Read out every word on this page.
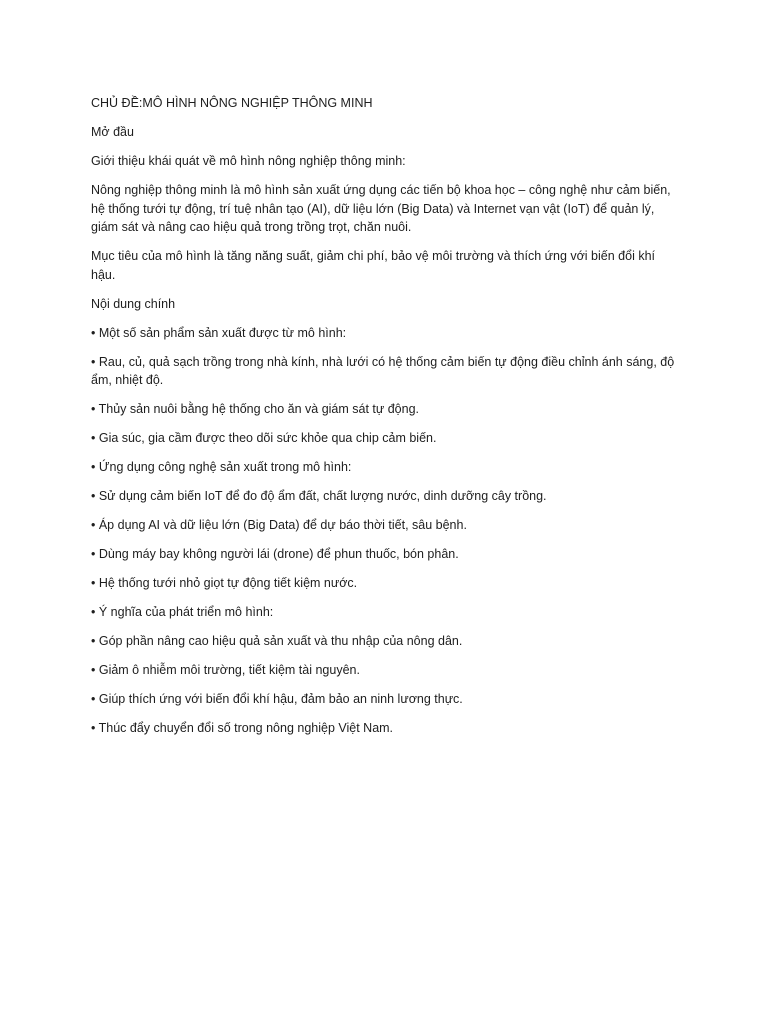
CHỦ ĐỀ:MÔ HÌNH NÔNG NGHIỆP THÔNG MINH

Mở đầu

Giới thiệu khái quát về mô hình nông nghiệp thông minh:

Nông nghiệp thông minh là mô hình sản xuất ứng dụng các tiến bộ khoa học – công nghệ như cảm biến, hệ thống tưới tự động, trí tuệ nhân tạo (AI), dữ liệu lớn (Big Data) và Internet vạn vật (IoT) để quản lý, giám sát và nâng cao hiệu quả trong trồng trọt, chăn nuôi.

Mục tiêu của mô hình là tăng năng suất, giảm chi phí, bảo vệ môi trường và thích ứng với biến đổi khí hậu.

Nội dung chính

• Một số sản phẩm sản xuất được từ mô hình:

• Rau, củ, quả sạch trồng trong nhà kính, nhà lưới có hệ thống cảm biến tự động điều chỉnh ánh sáng, độ ẩm, nhiệt độ.

• Thủy sản nuôi bằng hệ thống cho ăn và giám sát tự động.

• Gia súc, gia cầm được theo dõi sức khỏe qua chip cảm biến.

• Ứng dụng công nghệ sản xuất trong mô hình:

• Sử dụng cảm biến IoT để đo độ ẩm đất, chất lượng nước, dinh dưỡng cây trồng.

• Áp dụng AI và dữ liệu lớn (Big Data) để dự báo thời tiết, sâu bệnh.

• Dùng máy bay không người lái (drone) để phun thuốc, bón phân.

• Hệ thống tưới nhỏ giọt tự động tiết kiệm nước.

• Ý nghĩa của phát triển mô hình:

• Góp phần nâng cao hiệu quả sản xuất và thu nhập của nông dân.

• Giảm ô nhiễm môi trường, tiết kiệm tài nguyên.

• Giúp thích ứng với biến đổi khí hậu, đảm bảo an ninh lương thực.

• Thúc đẩy chuyển đổi số trong nông nghiệp Việt Nam.
